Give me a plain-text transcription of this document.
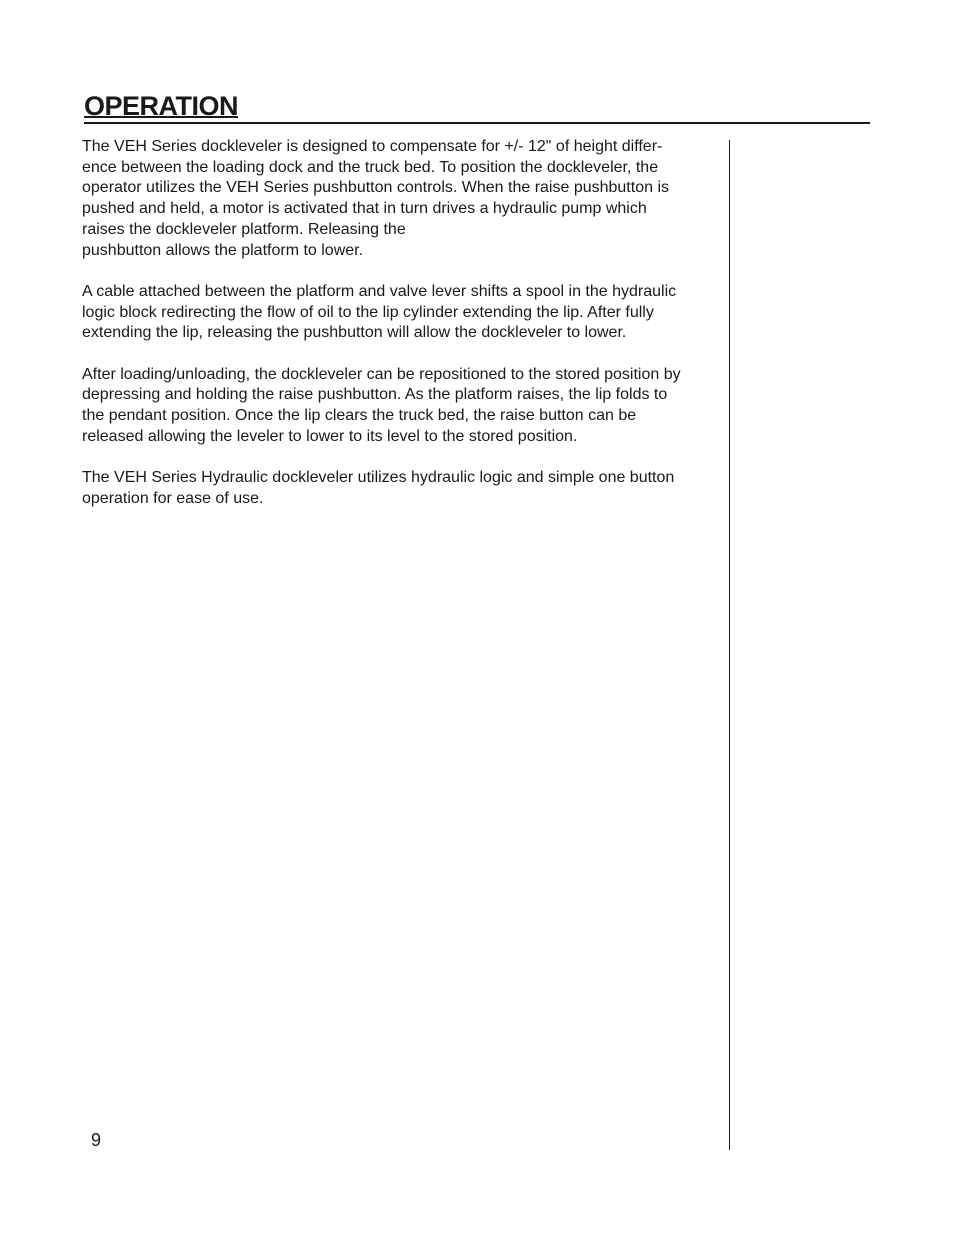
OPERATION

The VEH Series dockleveler is designed to compensate for +/- 12" of height differ-
ence between the loading dock and the truck bed. To position the dockleveler, the
operator utilizes the VEH Series pushbutton controls. When the raise pushbutton is
pushed and held, a motor is activated that in turn drives a hydraulic pump which
raises the dockleveler platform. Releasing the
pushbutton allows the platform to lower.

A cable attached between the platform and valve lever shifts a spool in the hydraulic
logic block redirecting the flow of oil to the lip cylinder extending the lip. After fully
extending the lip, releasing the pushbutton will allow the dockleveler to lower.

After loading/unloading, the dockleveler can be repositioned to the stored position by
depressing and holding the raise pushbutton. As the platform raises, the lip folds to
the pendant position. Once the lip clears the truck bed, the raise button can be
released allowing the leveler to lower to its level to the stored position.

The VEH Series Hydraulic dockleveler utilizes hydraulic logic and simple one button
operation for ease of use.

9
